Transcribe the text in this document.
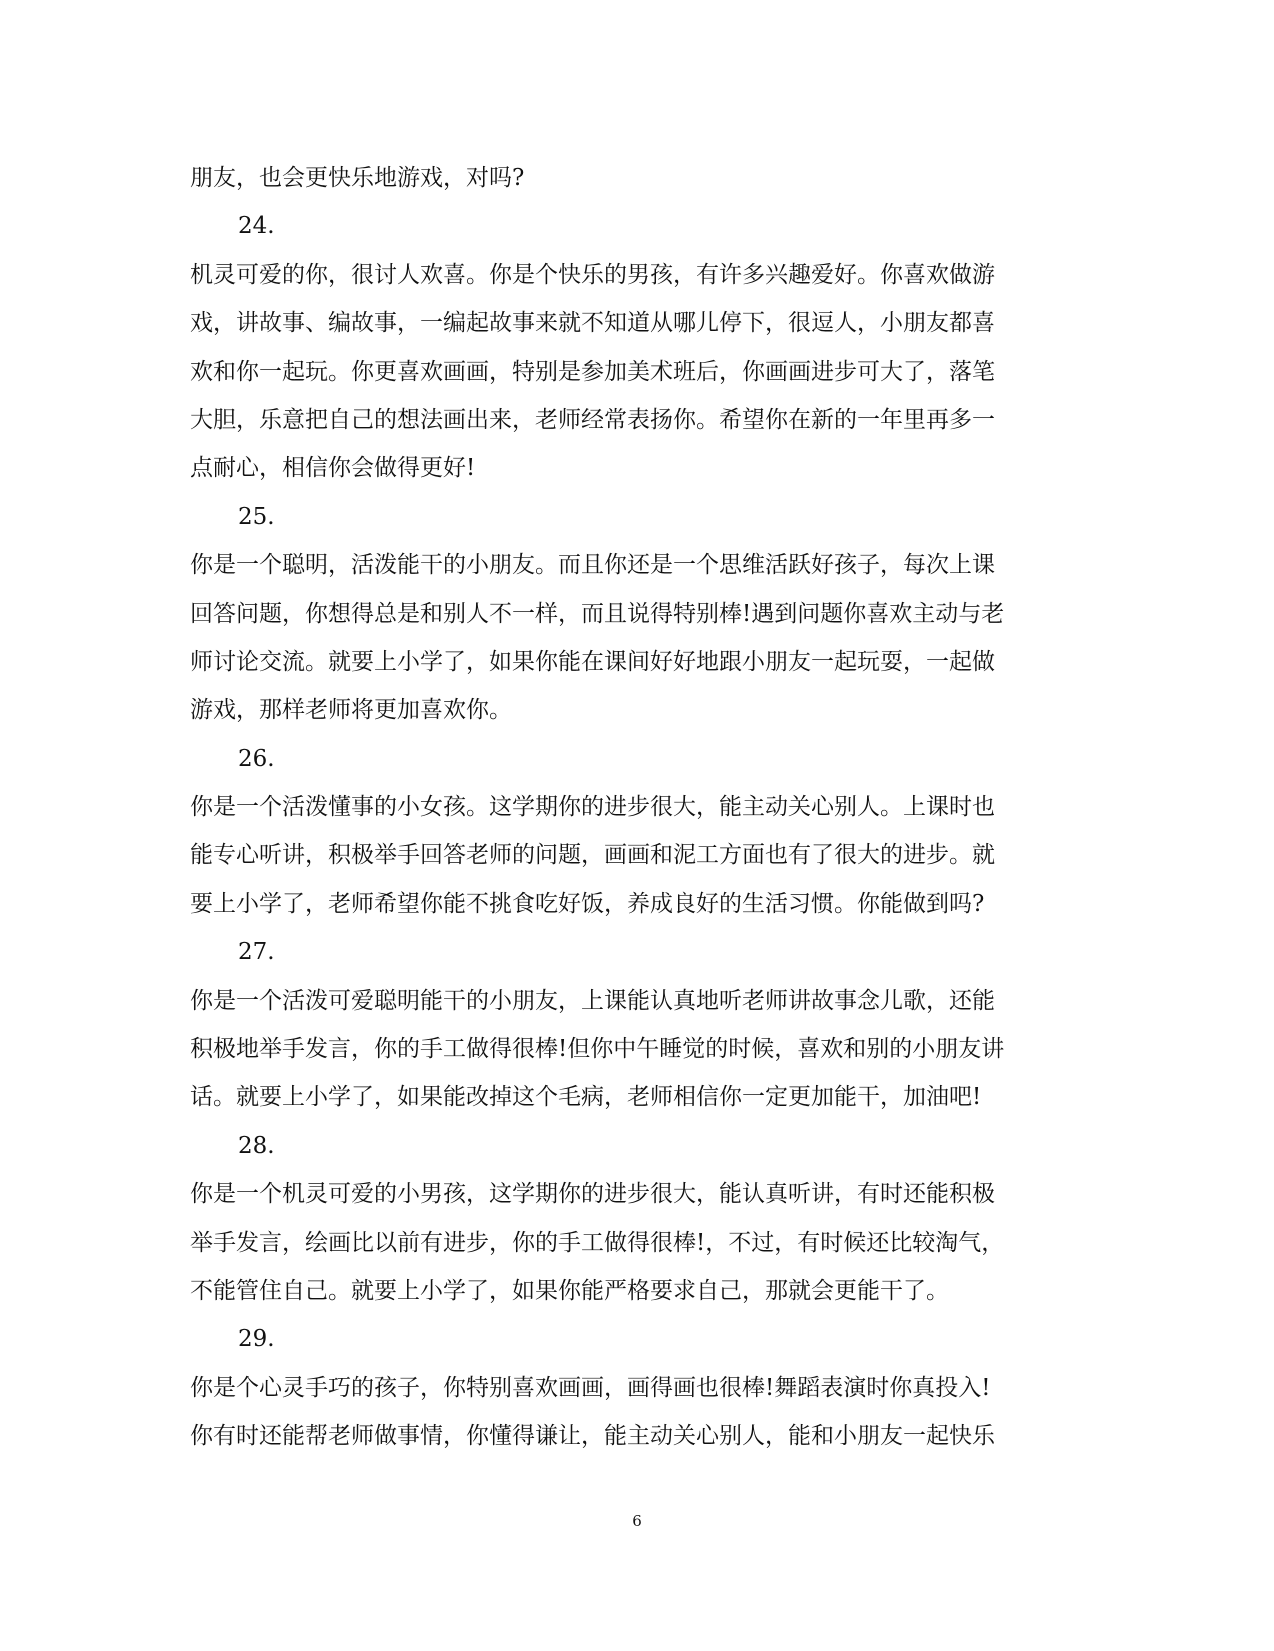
朋友，也会更快乐地游戏，对吗?
24.
机灵可爱的你，很讨人欢喜。你是个快乐的男孩，有许多兴趣爱好。你喜欢做游
戏，讲故事、编故事，一编起故事来就不知道从哪儿停下，很逗人，小朋友都喜
欢和你一起玩。你更喜欢画画，特别是参加美术班后，你画画进步可大了，落笔
大胆，乐意把自己的想法画出来，老师经常表扬你。希望你在新的一年里再多一
点耐心，相信你会做得更好!
25.
你是一个聪明，活泼能干的小朋友。而且你还是一个思维活跃好孩子，每次上课
回答问题，你想得总是和别人不一样，而且说得特别棒!遇到问题你喜欢主动与老
师讨论交流。就要上小学了，如果你能在课间好好地跟小朋友一起玩耍，一起做
游戏，那样老师将更加喜欢你。
26.
你是一个活泼懂事的小女孩。这学期你的进步很大，能主动关心别人。上课时也
能专心听讲，积极举手回答老师的问题，画画和泥工方面也有了很大的进步。就
要上小学了，老师希望你能不挑食吃好饭，养成良好的生活习惯。你能做到吗?
27.
你是一个活泼可爱聪明能干的小朋友，上课能认真地听老师讲故事念儿歌，还能
积极地举手发言，你的手工做得很棒!但你中午睡觉的时候，喜欢和别的小朋友讲
话。就要上小学了，如果能改掉这个毛病，老师相信你一定更加能干，加油吧!
28.
你是一个机灵可爱的小男孩，这学期你的进步很大，能认真听讲，有时还能积极
举手发言，绘画比以前有进步，你的手工做得很棒!，不过，有时候还比较淘气，
不能管住自己。就要上小学了，如果你能严格要求自己，那就会更能干了。
29.
你是个心灵手巧的孩子，你特别喜欢画画，画得画也很棒!舞蹈表演时你真投入!
你有时还能帮老师做事情，你懂得谦让，能主动关心别人，能和小朋友一起快乐
6
